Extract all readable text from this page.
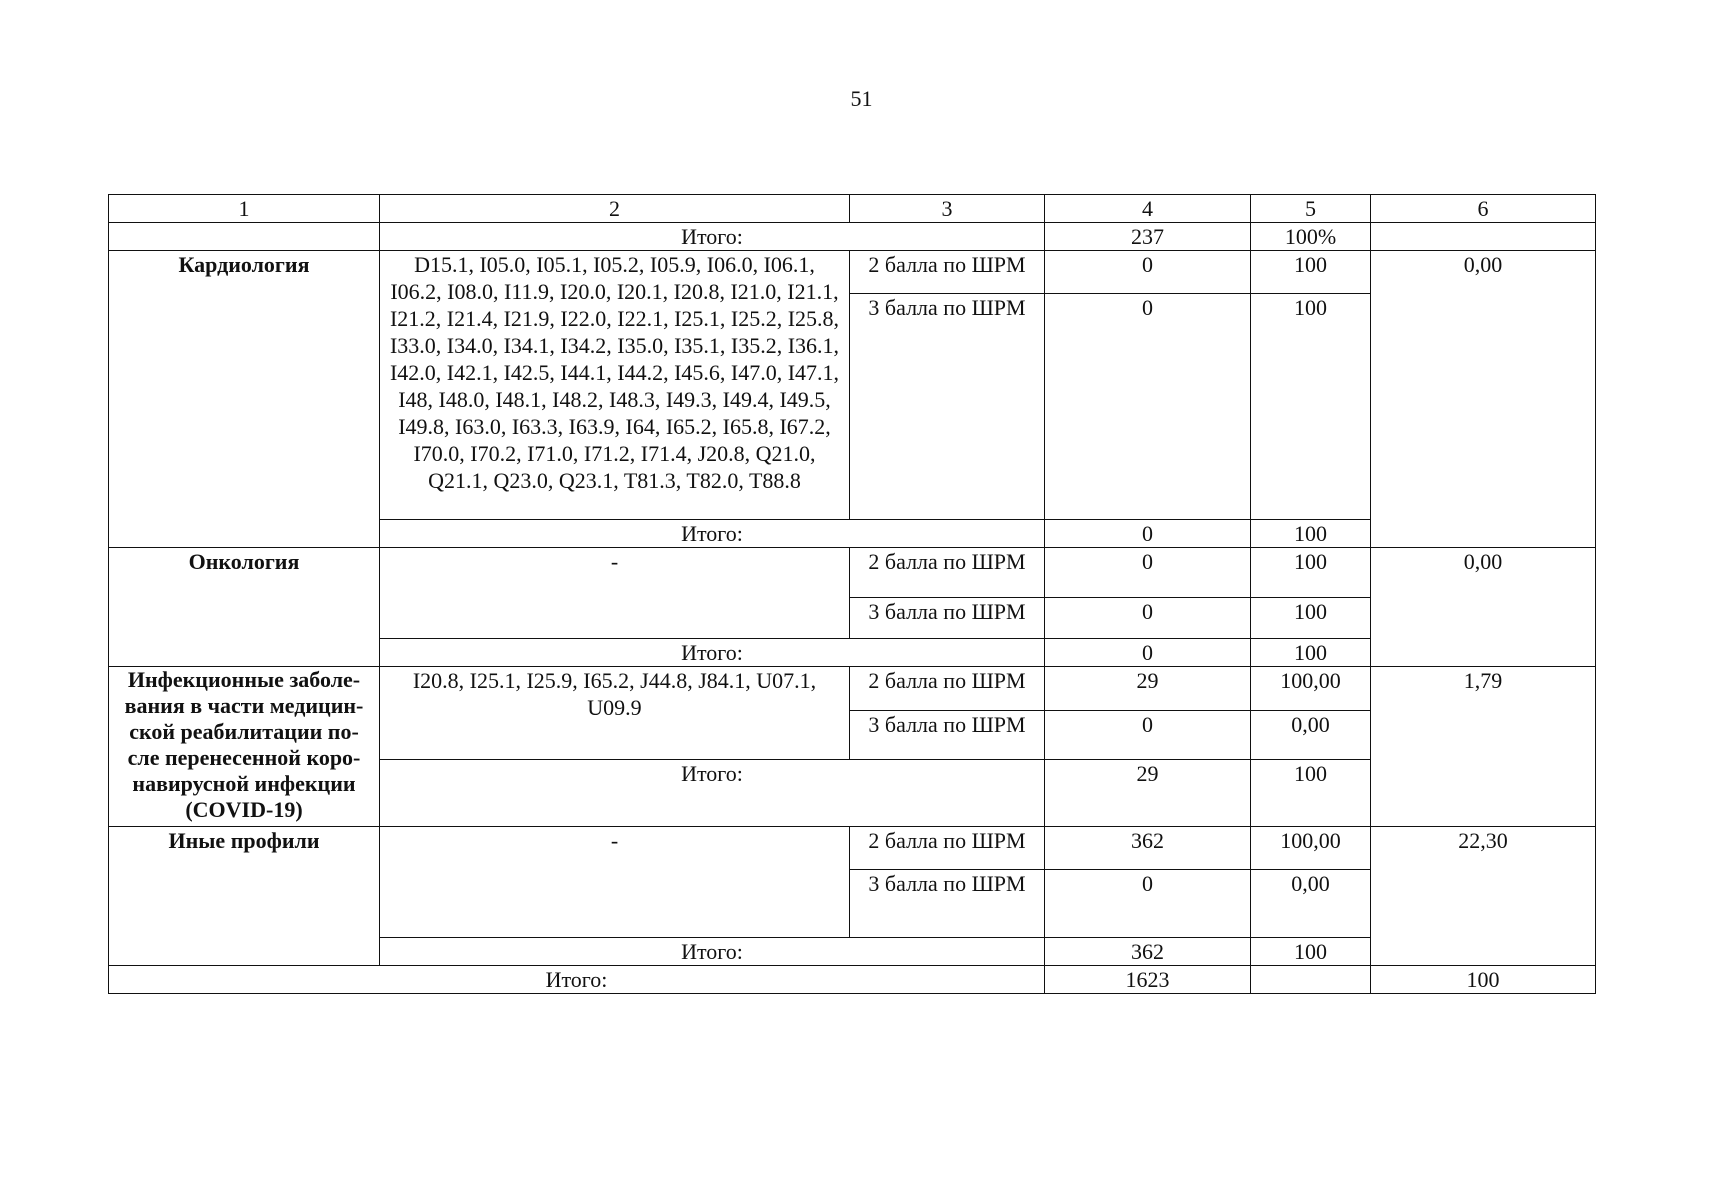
51
1	2	3	4	5	6
	Итого:		237	100%	
Кардиология	D15.1, I05.0, I05.1, I05.2, I05.9, I06.0, I06.1, I06.2, I08.0, I11.9, I20.0, I20.1, I20.8, I21.0, I21.1, I21.2, I21.4, I21.9, I22.0, I22.1, I25.1, I25.2, I25.8, I33.0, I34.0, I34.1, I34.2, I35.0, I35.1, I35.2, I36.1, I42.0, I42.1, I42.5, I44.1, I44.2, I45.6, I47.0, I47.1, I48, I48.0, I48.1, I48.2, I48.3, I49.3, I49.4, I49.5, I49.8, I63.0, I63.3, I63.9, I64, I65.2, I65.8, I67.2, I70.0, I70.2, I71.0, I71.2, I71.4, J20.8, Q21.0, Q21.1, Q23.0, Q23.1, T81.3, T82.0, T88.8	2 балла по ШРМ	0	100	0,00
		3 балла по ШРМ	0	100	
	Итого:		0	100	
Онкология	-	2 балла по ШРМ	0	100	0,00
		3 балла по ШРМ	0	100	
	Итого:		0	100	
Инфекционные заболе-вания в части медицин-ской реабилитации по-сле перенесенной коро-навирусной инфекции (COVID-19)	I20.8, I25.1, I25.9, I65.2, J44.8, J84.1, U07.1, U09.9	2 балла по ШРМ	29	100,00	1,79
		3 балла по ШРМ	0	0,00	
	Итого:		29	100	
Иные профили	-	2 балла по ШРМ	362	100,00	22,30
		3 балла по ШРМ	0	0,00	
	Итого:		362	100	
Итого:			1623		100
